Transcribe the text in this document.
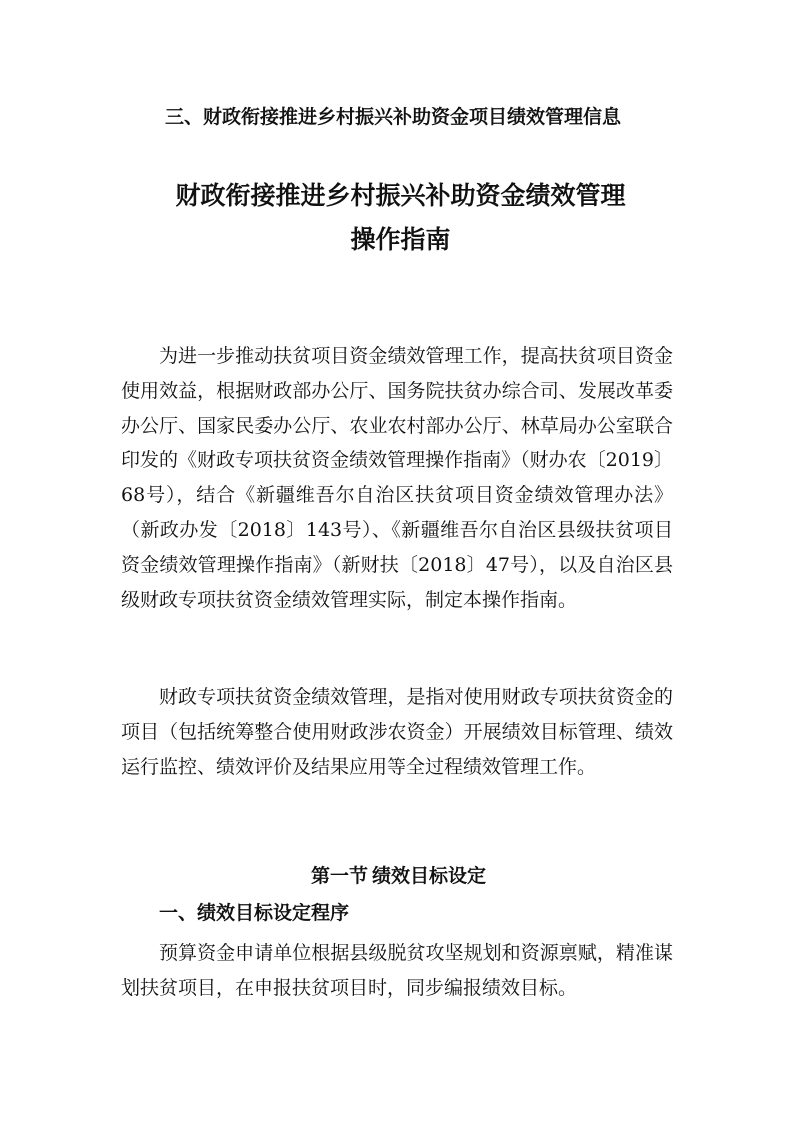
三、财政衔接推进乡村振兴补助资金项目绩效管理信息
财政衔接推进乡村振兴补助资金绩效管理
操作指南

为进一步推动扶贫项目资金绩效管理工作，提高扶贫项目资金使用效益，根据财政部办公厅、国务院扶贫办综合司、发展改革委办公厅、国家民委办公厅、农业农村部办公厅、林草局办公室联合印发的《财政专项扶贫资金绩效管理操作指南》（财办农〔2019〕68号），结合《新疆维吾尔自治区扶贫项目资金绩效管理办法》（新政办发〔2018〕143号）、《新疆维吾尔自治区县级扶贫项目资金绩效管理操作指南》（新财扶〔2018〕47号），以及自治区县级财政专项扶贫资金绩效管理实际，制定本操作指南。

财政专项扶贫资金绩效管理，是指对使用财政专项扶贫资金的项目（包括统筹整合使用财政涉农资金）开展绩效目标管理、绩效运行监控、绩效评价及结果应用等全过程绩效管理工作。

第一节 绩效目标设定
一、绩效目标设定程序

预算资金申请单位根据县级脱贫攻坚规划和资源禀赋，精准谋划扶贫项目，在申报扶贫项目时，同步编报绩效目标。
